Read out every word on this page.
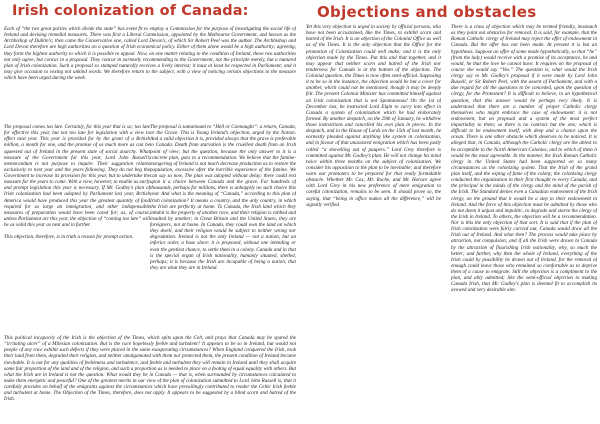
Irish colonization of Canada:	Objections and obstacles

Each of “the two great parties which divide the state” has event fit to employ a Commission for the purpose of investigating the social life of Ireland and devising remedial measures. There was first a Liberal Commission, appointed by the Melbourne Government, and known as the Archbishop of Dublin’s; then came the Conservative one, called Lord Devon’s, of which Sir Robert Peel was the author. The Archbishop and Lord Devon therefore are high authorities on a question of Irish economical policy. Either of them alone would be a high authority; agreeing, they form the highest authority to which it is possible to appeal. Now, on one matter relating to the condition of Ireland, these two authorities not only agree, but concur in a proposal. They concur in earnestly recommending to the Government, not the principle merely, but a matured plan of Irish colonization. Such a proposal so stamped naturally receives a lively interest; it must at least be respected in Parliament; and it may give occasion to vexing not unkind words. We therefore return to the subject, with a view of noticing certain objections to the measure which have been urged during the week.

The proposal comes too late. Certainly, for this year that is so; too late for effective this year, but not too late for legislation with a view to effect next year. This year is provided for by the grant of a British million, a month for one, and the promise of as much more as can be squeezed out of Ireland in the present state of social anarchy. What measure of the Government for this year, Lord John Russell’s memorandum is not purpose to inquire. Their suggestion relates exclusively to next year and the years following. They do not beg the Government to increase its provision for this year, but to undertake the measure for the years to come. With a view, however, to enable us early and prompt legislation this year is necessary. If Mr. Godley’s plan of Irish colonization had been adopted by Parliament last year, British America would have produced this year the greatest quantity of food required for so large an immigration, and other indispensable measures of preparation would have been cared for; as, of course, unless Parliament act this year, the objection of “coming too late” will be as valid this year as next and in further.

This objection, therefore, is in truth a reason for prompt action.

The proposal is tantamount to “Hell or Connaught”: a return, Canada, or the Grave. This is Young Ireland’s objection, urged by the Nation. And a valid objection it is, provided always that the grave is preferable to Canada. Death from starvation is the cruellest death from an Irish point of view; but the question, because the only answer to it is a concrete plan, goes to a recommendation. We believe that the famine-mongering of Ireland is not much decrease production as to restore the population, excessive after the horrible experience of the famine. We can say so now, The plan was adopted without delay; there could rest upon it a choice between Canada and the grave. For hundreds of thousands, perhaps for millions, there is unhappily no such choice this year. And what is the meaning of “Canada,” according to this plan of Irish colonization? It means a country, and the only country, in which the Irish are perfectly at home. To Canada, the Irish land which they inhabit is the property of another race, and their religion is robbed and insulted by another; in Great Britain and the United States, they are foreigners, not at home. In Canada, they could own the land on which they dwell, and their religion would be subject to neither wrong nor degradation. Ireland is not the only Ireland — not a nation, but an inferior order, a base slave: it is proposed, without one intending or even the gentlest chance, to settle them in a colony. Canada and in that is the special organ of Irish nationality, humanly situated, shelled, perhaps; it is because the Irish are incapable of being a nation, that they are what they are in Ireland.

This political incapacity of the Irish is the objection of the Times, which spits upon the Celt, and prays that Canada may be spared the “irritating ulcer” of a Milesian colonization. But is the race hopelessly feeble and turbulent? It appears to be so in Ireland, but would not people of any race exhibit such defects if they were placed in the same exasperating circumstances? When England conquered the Irish, took their land from them, degraded their religion, and neither amalgamated with them nor protected them, the present condition of Ireland became inevitable. It is not for any qualities of feebleness and turbulence, and feeble and turbulent they will remain in Ireland until they shall acquire some fair proportion of the land and of the religion, and such a proportion as is needed to place on a footing of equal equality with others. But what the Irish are in Ireland is not the question. What would they be in Canada — that is, when surrounded by circumstances calculated to make them energetic and peaceful? One of the greatest merits in our view of the plan of colonization submitted to Lord John Russell is, that it carefully provides on behalf of the emigrants against the circumstances which have prevailingly contributed to render the Celtic Irish feeble and turbulent at home. The Objection of the Times, therefore, does not apply. It appears to be suggested by a blind scorn and hatred of the Irish.

Yet this very objection is urged in society by official persons, who have not been accustomed, like the Times, to exhibit scorn and hatred of the Irish. It is an objection of the Colonial Office as well as of the Times. It is the only objection that the Office for the promotion of Colonization could well make; and it is the only objection made by the Times. Put this and that together, and it may appear that neither scorn and hatred of the Irish nor tenderness for Canada is at the bottom of the objection. The Colonial question, the Times is now often semi-official. Supposing it to be so in the instance, the objection would be but a cover for another, which could not be mentioned, though it may be deeply felt. The present Colonial Minister has committed himself against an Irish colonization that is not Spontaneous! On the 1st of December last, he instructed Lord Elgin to carry into effect in Canada a system of colonization which he had elaborately formed. By another despatch, on the 29th of January, he withdrew those instructions and cancelled his own plan in pieces. In the despatch, and in the House of Lords on the 15th of last month, he earnestly pleaded against anything like system in colonization, and in favour of that unassisted emigration which has been justly called “a shovelling out of paupers.” Lord Grey therefore is committed against Mr. Godley’s plan. He will not change his mind twice within three months on the subject of colonization. We consider his opposition to the plan to be inevitable; and therefore warn our promoters to be prepared for that really formidable obstacle. Whether Mr. Cox, Mr. Roche, and Mr. Horace agree with Lord Grey in his new preference of mere emigration to careful colonization, remains to be seen. It should prove so, the saying, that “being in office makes all the difference,” will be signally verified.

There is a class of objection which may be termed friendly, inasmuch as they point out obstacles for removal. It is said, for example, that the Roman Catholic clergy of Ireland may reject the offer of endowment in Canada. But the offer has not been made. At present it is but an hypothesis. Suppose an offer of some made hypothetically, so that “he” (from the lady) would receive with a promise of its acceptance, he and would, he that the love he cannot have. It requires on the proposal of course she would say “Yes.” The question is, what would the Irish clergy say to Mr. Godley’s proposal if it were made by Lord John Russell, or Sir Robert Peel, with the assent of Parliament, and with a due regard for all the questions to be conceded, upon the question of clergy, for the Protestant? It is difficult to believe, in an hypothetical question, that this answer would be perhaps very likely. It is understood that there are a number of proper Catholic clergy themselves who might embrace the case of endowment: it is not endowment, but on proposal and a system of the most perfect impartiality to them; so there is no contract but the one; which is difficult to be endowment itself, with deep and a chance upon the ocean. There is one other obstacle which deserves to be noticed. It is alleged that, in Canada, although the Catholic clergy are the ablest to be acceptable to the North American Colonies, and to which of them it would be the most agreeable. In the manner, the Irish Roman Catholic clergy in the United States had been supported on so many circumstances as the colonizing system. That the Irish of the grand plan itself, and the wiping of fame of the colony, the colonizing clergy conducted the organization in their first thought to every Canada, and the principal in the minds of the clergy and the mind of the parish of the Irish. The Standard denies even a Canadian endowment of the Irish clergy, on the ground that it would be a step to their endowment in Ireland. And the force of this objection must be admitted by those who do not deem it unjust and impolitic, to degrade and starve the clergy of the Irish in Ireland. To others, the objection will be a recommendation. Nor is this the only objection of that sort. It is said that if the plan of Irish colonization were fairly carried out, Canada would draw all the Irish out of Ireland. And what then? The process would take place by attraction, not compulsion; and if all the Irish were drawn to Canada by the attraction of flourishing Irish nationality, why, so much the better; and further, why then the whole of Ireland, everything of the Irish could by possibility be drawn out of Ireland, for the removal of enough could leave those who remained so comfortable as to deprive them of a cause to emigrate. Still the objection is a compliment to the plan, and ably admitted; like the semi-official objection to making Canada Irish, that Mr. Godley’s plan is deemed fit to accomplish its avowed and very desirable aim.
